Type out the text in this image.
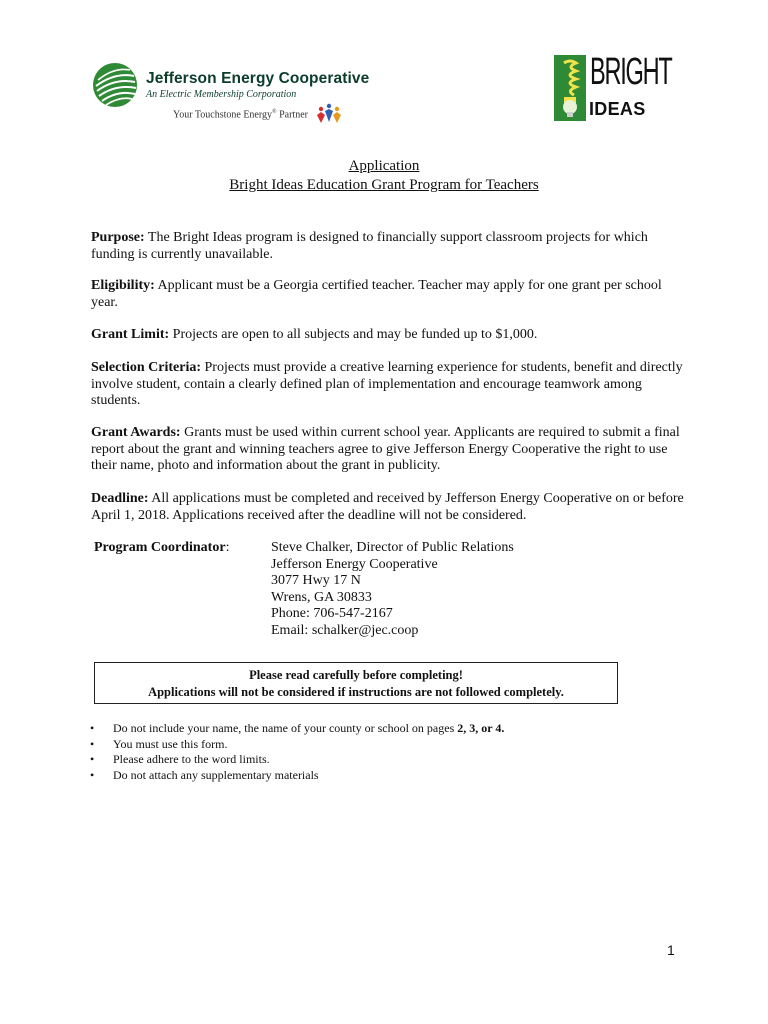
Jefferson Energy Cooperative
An Electric Membership Corporation
Your Touchstone Energy® Partner
BRIGHT
IDEAS
Application
Bright Ideas Education Grant Program for Teachers

Purpose: The Bright Ideas program is designed to financially support classroom projects for which funding is currently unavailable.

Eligibility: Applicant must be a Georgia certified teacher. Teacher may apply for one grant per school year.

Grant Limit: Projects are open to all subjects and may be funded up to $1,000.

Selection Criteria: Projects must provide a creative learning experience for students, benefit and directly involve student, contain a clearly defined plan of implementation and encourage teamwork among students.

Grant Awards: Grants must be used within current school year. Applicants are required to submit a final report about the grant and winning teachers agree to give Jefferson Energy Cooperative the right to use their name, photo and information about the grant in publicity.

Deadline: All applications must be completed and received by Jefferson Energy Cooperative on or before April 1, 2018. Applications received after the deadline will not be considered.

Program Coordinator:	Steve Chalker, Director of Public Relations
Jefferson Energy Cooperative
3077 Hwy 17 N
Wrens, GA 30833
Phone: 706-547-2167
Email: schalker@jec.coop
Please read carefully before completing!
Applications will not be considered if instructions are not followed completely.
• Do not include your name, the name of your county or school on pages 2, 3, or 4.
• You must use this form.
• Please adhere to the word limits.
• Do not attach any supplementary materials
1
